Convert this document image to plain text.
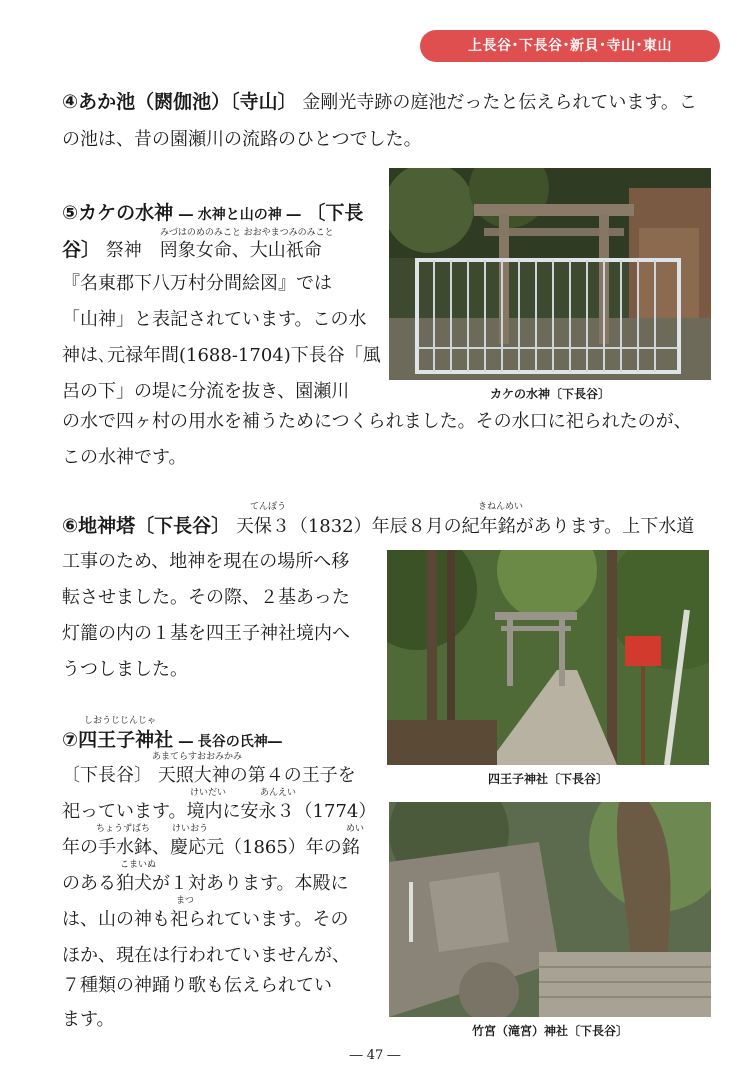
上長谷･下長谷･新貝･寺山･東山
④あか池（閼伽池）〔寺山〕 金剛光寺跡の庭池だったと伝えられています。こ
の池は、昔の園瀬川の流路のひとつでした。
⑤カケの水神 ― 水神と山の神 ― 〔下長
みづはのめのみこと おおやまつみのみこと
谷〕 祭神　罔象女命、大山祇命
『名東郡下八万村分間絵図』では
「山神」と表記されています。この水
神は､元禄年間(1688-1704)下長谷「風
呂の下」の堤に分流を抜き、園瀬川
の水で四ヶ村の用水を補うためにつくられました。その水口に祀られたのが、
この水神です。
カケの水神〔下長谷〕
てんぽう	きねんめい
⑥地神塔〔下長谷〕 天保３（1832）年辰８月の紀年銘があります。上下水道
工事のため、地神を現在の場所へ移
転させました。その際、２基あった
灯籠の内の１基を四王子神社境内へ
うつしました。
四王子神社〔下長谷〕
しおうじじんじゃ
⑦四王子神社 ― 長谷の氏神―
あまてらすおおみかみ
〔下長谷〕 天照大神の第４の王子を
けいだい	あんえい
祀っています。境内に安永３（1774）
ちょうずばち けいおう	めい
年の手水鉢、慶応元（1865）年の銘
こまいぬ
のある狛犬が１対あります。本殿に
まつ
は、山の神も祀られています。その
ほか、現在は行われていませんが、
７種類の神踊り歌も伝えられてい
ます。
竹宮（滝宮）神社〔下長谷〕
― 47 ―
